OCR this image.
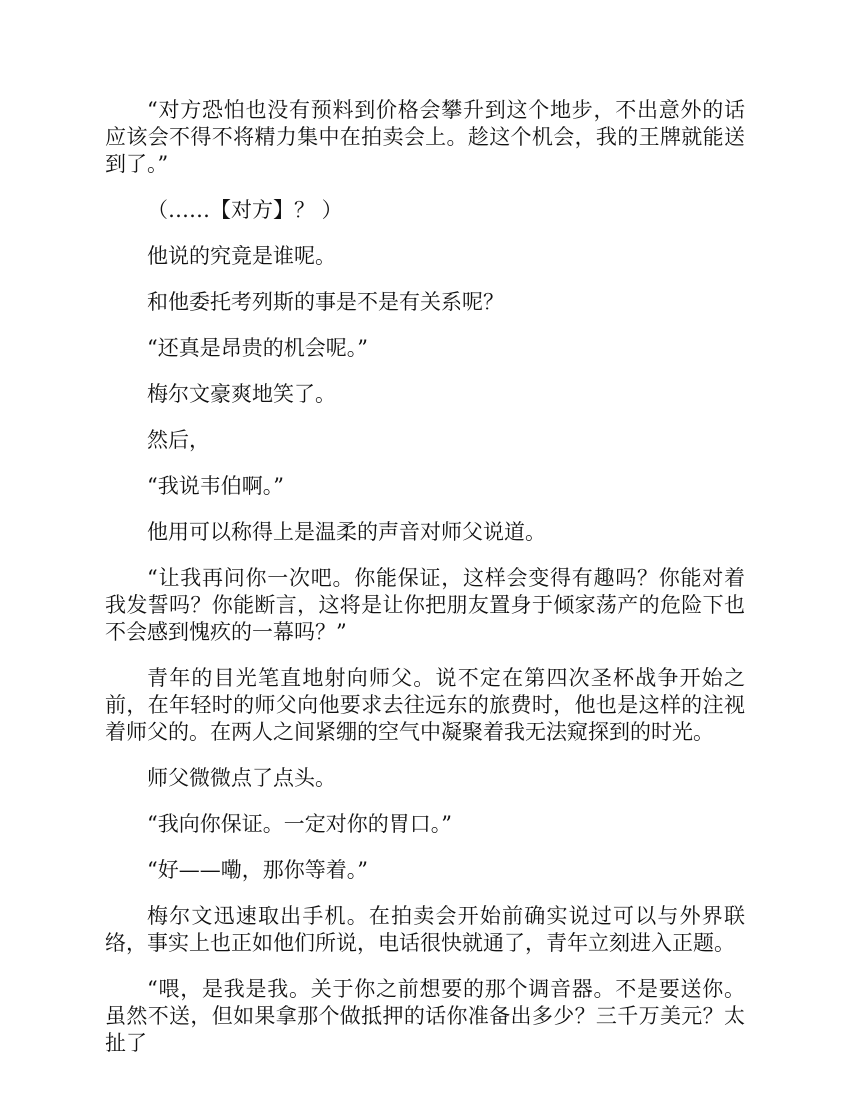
“对方恐怕也没有预料到价格会攀升到这个地步，不出意外的话应该会不得不将精力集中在拍卖会上。趁这个机会，我的王牌就能送到了。”

（……【对方】？ ）

他说的究竟是谁呢。

和他委托考列斯的事是不是有关系呢？

“还真是昂贵的机会呢。”

梅尔文豪爽地笑了。

然后，

“我说韦伯啊。”

他用可以称得上是温柔的声音对师父说道。

“让我再问你一次吧。你能保证，这样会变得有趣吗？你能对着我发誓吗？你能断言，这将是让你把朋友置身于倾家荡产的危险下也不会感到愧疚的一幕吗？”

青年的目光笔直地射向师父。说不定在第四次圣杯战争开始之前，在年轻时的师父向他要求去往远东的旅费时，他也是这样的注视着师父的。在两人之间紧绷的空气中凝聚着我无法窥探到的时光。

师父微微点了点头。

“我向你保证。一定对你的胃口。”

“好——嘞，那你等着。”

梅尔文迅速取出手机。在拍卖会开始前确实说过可以与外界联络，事实上也正如他们所说，电话很快就通了，青年立刻进入正题。

“喂，是我是我。关于你之前想要的那个调音器。不是要送你。虽然不送，但如果拿那个做抵押的话你准备出多少？三千万美元？太扯了
